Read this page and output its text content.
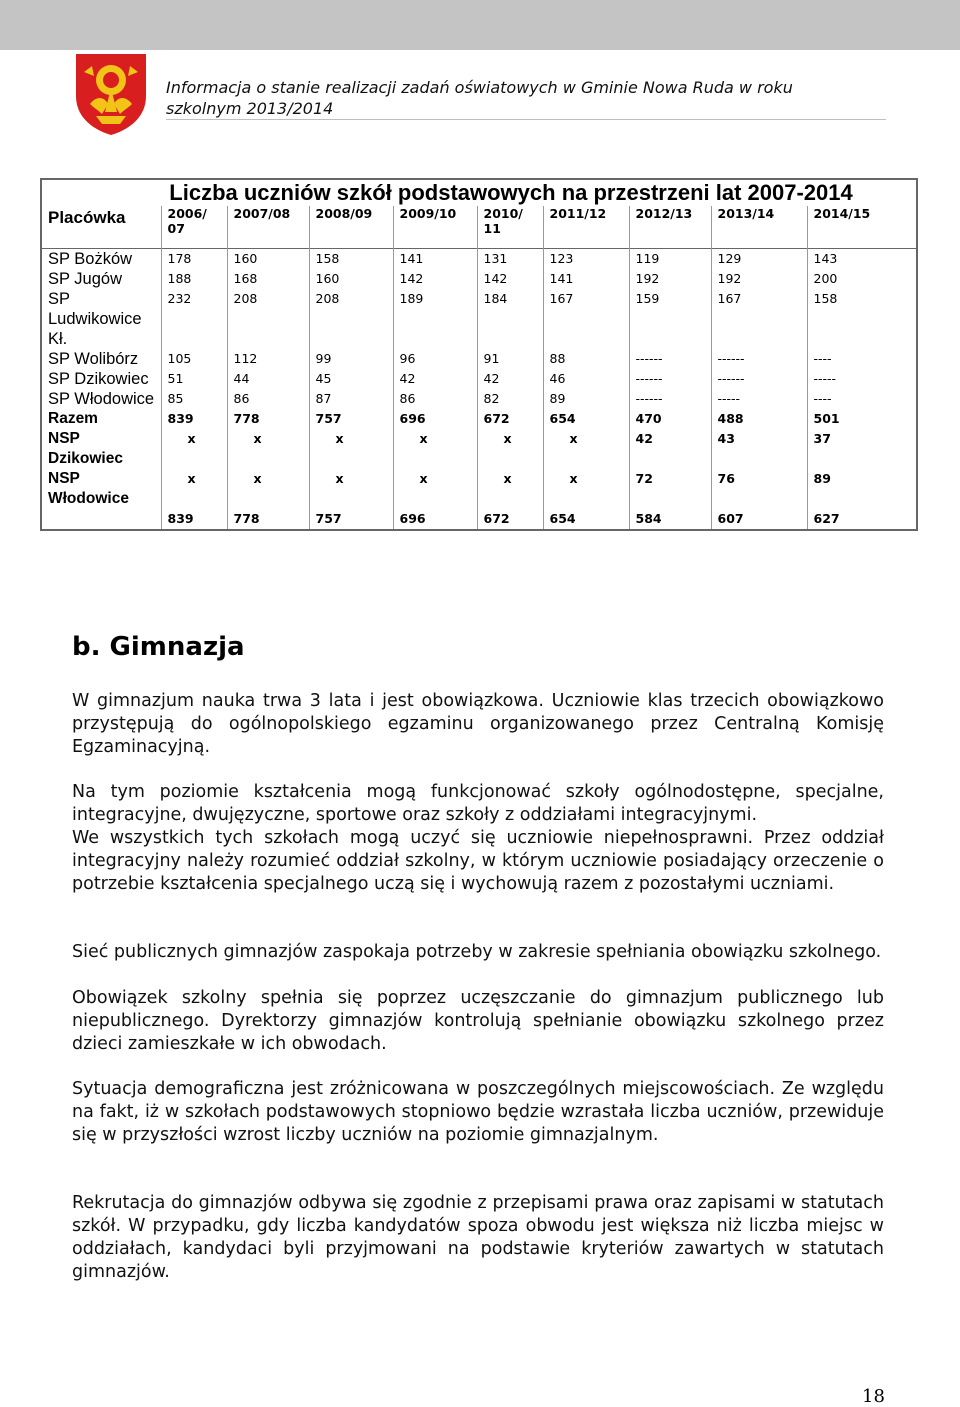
Informacja o stanie realizacji zadań oświatowych w Gminie Nowa Ruda w roku szkolnym 2013/2014
Liczba uczniów szkół podstawowych na przestrzeni lat 2007-2014									
Placówka	2006/ 07	2007/08	2008/09	2009/10	2010/ 11	2011/12	2012/13	2013/14	2014/15
SP Bożków	178	160	158	141	131	123	119	129	143
SP Jugów	188	168	160	142	142	141	192	192	200
SP Ludwikowice Kł.	232	208	208	189	184	167	159	167	158
SP Wolibórz	105	112	99	96	91	88	------	------	----
SP Dzikowiec	51	44	45	42	42	46	------	------	-----
SP Włodowice	85	86	87	86	82	89	------	-----	----
Razem	839	778	757	696	672	654	470	488	501
NSP Dzikowiec	x	x	x	x	x	x	42	43	37
NSP Włodowice	x	x	x	x	x	x	72	76	89
	839	778	757	696	672	654	584	607	627
b. Gimnazja
W gimnazjum nauka trwa 3 lata i jest obowiązkowa. Uczniowie klas trzecich obowiązkowo przystępują do ogólnopolskiego egzaminu organizowanego przez Centralną Komisję Egzaminacyjną.
Na tym poziomie kształcenia mogą funkcjonować szkoły ogólnodostępne, specjalne, integracyjne, dwujęzyczne, sportowe oraz szkoły z oddziałami integracyjnymi.
We wszystkich tych szkołach mogą uczyć się uczniowie niepełnosprawni. Przez oddział integracyjny należy rozumieć oddział szkolny, w którym uczniowie posiadający orzeczenie o potrzebie kształcenia specjalnego uczą się i wychowują razem z pozostałymi uczniami.
Sieć publicznych gimnazjów zaspokaja potrzeby w zakresie spełniania obowiązku szkolnego.
Obowiązek szkolny spełnia się poprzez uczęszczanie do gimnazjum publicznego lub niepublicznego. Dyrektorzy gimnazjów kontrolują spełnianie obowiązku szkolnego przez dzieci zamieszkałe w ich obwodach.
Sytuacja demograficzna jest zróżnicowana w poszczególnych miejscowościach. Ze względu na fakt, iż w szkołach podstawowych stopniowo będzie wzrastała liczba uczniów, przewiduje się w przyszłości wzrost liczby uczniów na poziomie gimnazjalnym.
Rekrutacja do gimnazjów odbywa się zgodnie z przepisami prawa oraz zapisami w statutach szkół. W przypadku, gdy liczba kandydatów spoza obwodu jest większa niż liczba miejsc w oddziałach, kandydaci byli przyjmowani na podstawie kryteriów zawartych w statutach gimnazjów.
18
